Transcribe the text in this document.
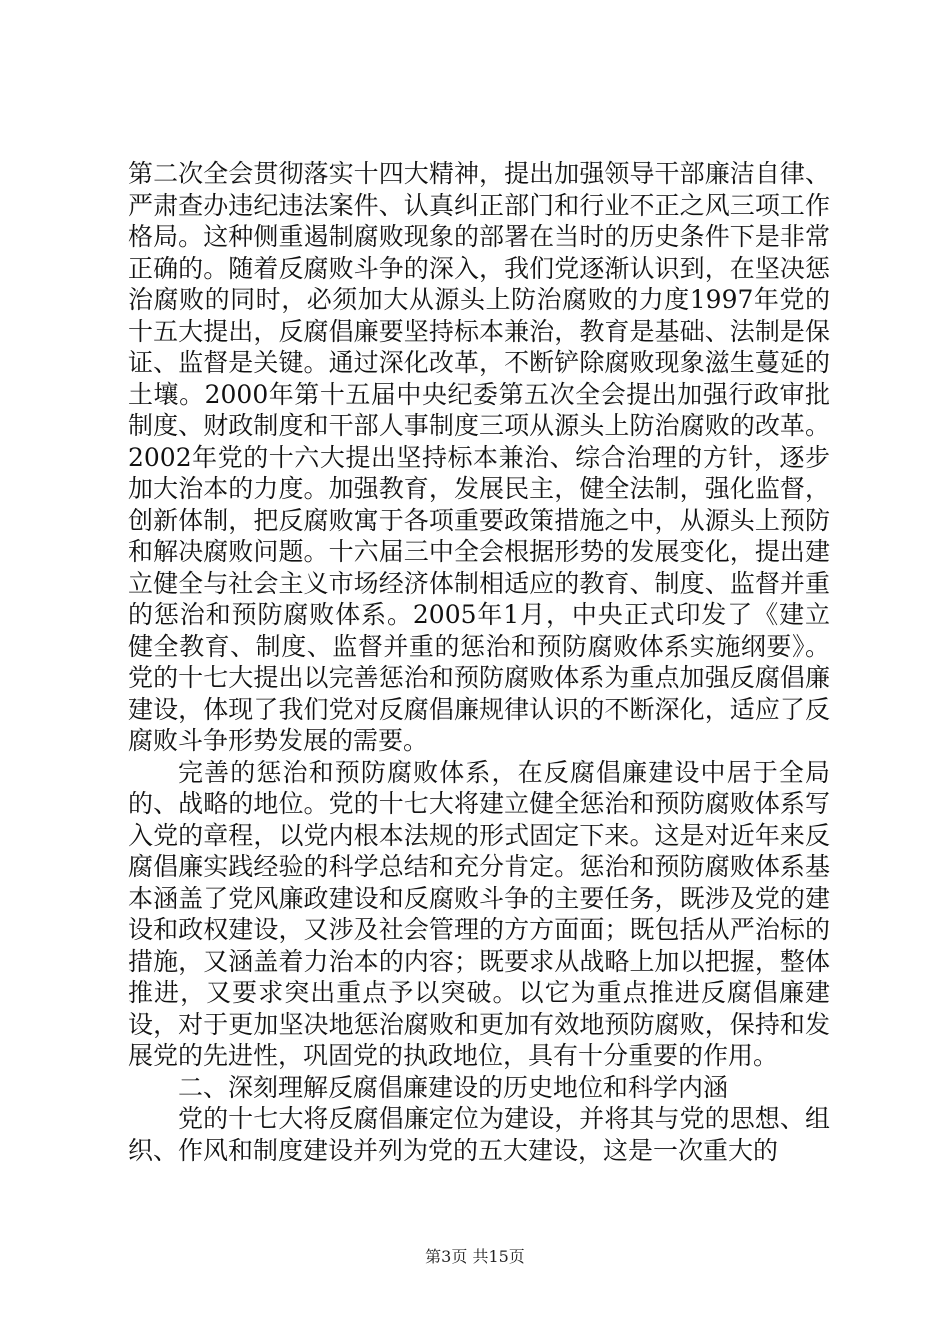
第二次全会贯彻落实十四大精神，提出加强领导干部廉洁自律、严肃查办违纪违法案件、认真纠正部门和行业不正之风三项工作格局。这种侧重遏制腐败现象的部署在当时的历史条件下是非常正确的。随着反腐败斗争的深入，我们党逐渐认识到，在坚决惩治腐败的同时，必须加大从源头上防治腐败的力度1997年党的十五大提出，反腐倡廉要坚持标本兼治，教育是基础、法制是保证、监督是关键。通过深化改革，不断铲除腐败现象滋生蔓延的土壤。2000年第十五届中央纪委第五次全会提出加强行政审批制度、财政制度和干部人事制度三项从源头上防治腐败的改革。2002年党的十六大提出坚持标本兼治、综合治理的方针，逐步加大治本的力度。加强教育，发展民主，健全法制，强化监督，创新体制，把反腐败寓于各项重要政策措施之中，从源头上预防和解决腐败问题。十六届三中全会根据形势的发展变化，提出建立健全与社会主义市场经济体制相适应的教育、制度、监督并重的惩治和预防腐败体系。2005年1月，中央正式印发了《建立健全教育、制度、监督并重的惩治和预防腐败体系实施纲要》。党的十七大提出以完善惩治和预防腐败体系为重点加强反腐倡廉建设，体现了我们党对反腐倡廉规律认识的不断深化，适应了反腐败斗争形势发展的需要。

完善的惩治和预防腐败体系，在反腐倡廉建设中居于全局的、战略的地位。党的十七大将建立健全惩治和预防腐败体系写入党的章程，以党内根本法规的形式固定下来。这是对近年来反腐倡廉实践经验的科学总结和充分肯定。惩治和预防腐败体系基本涵盖了党风廉政建设和反腐败斗争的主要任务，既涉及党的建设和政权建设，又涉及社会管理的方方面面；既包括从严治标的措施，又涵盖着力治本的内容；既要求从战略上加以把握，整体推进，又要求突出重点予以突破。以它为重点推进反腐倡廉建设，对于更加坚决地惩治腐败和更加有效地预防腐败，保持和发展党的先进性，巩固党的执政地位，具有十分重要的作用。

二、深刻理解反腐倡廉建设的历史地位和科学内涵

党的十七大将反腐倡廉定位为建设，并将其与党的思想、组织、作风和制度建设并列为党的五大建设，这是一次重大的

第3页 共15页
